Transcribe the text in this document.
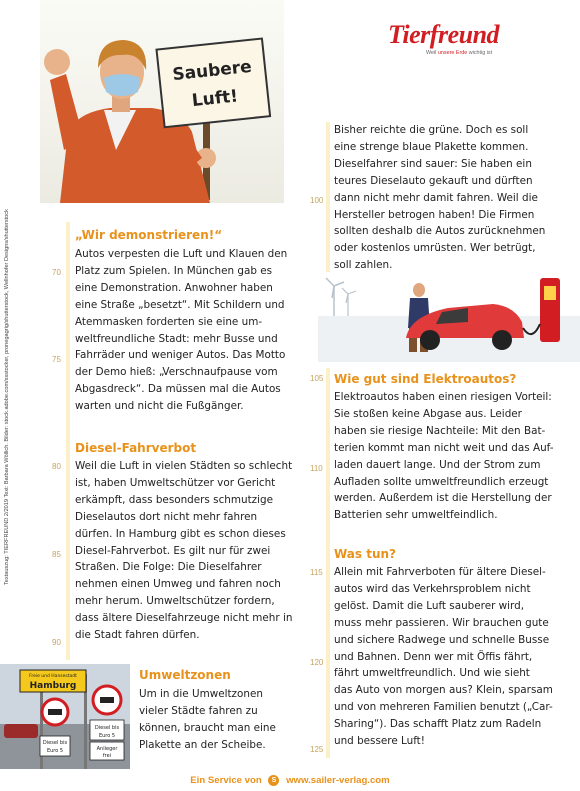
Saubere
Luft!
Tierfreund
Weil unsere Erde wichtig ist
Textauszug: TIERFREUND 2/2019 Text: Barbara Wöllich. Bilder: stock.adobe.com/ssstocker, pronegagrig/shutterstock, Wellnhofer Designs/shutterstock	70
75
80
85
90
100
105
110
115
120
125
„Wir demonstrieren!“

Autos verpesten die Luft und Klauen den

Platz zum Spielen. In München gab es

eine Demonstration. Anwohner haben

eine Straße „besetzt“. Mit Schildern und

Atemmasken forderten sie eine um-

weltfreundliche Stadt: mehr Busse und

Fahrräder und weniger Autos. Das Motto

der Demo hieß: „Verschnaufpause vom

Abgasdreck“. Da müssen mal die Autos

warten und nicht die Fußgänger.

Diesel-Fahrverbot

Weil die Luft in vielen Städten so schlecht

ist, haben Umweltschützer vor Gericht

erkämpft, dass besonders schmutzige

Dieselautos dort nicht mehr fahren

dürfen. In Hamburg gibt es schon dieses

Diesel-Fahrverbot. Es gilt nur für zwei

Straßen. Die Folge: Die Dieselfahrer

nehmen einen Umweg und fahren noch

mehr herum. Umweltschützer fordern,

dass ältere Dieselfahrzeuge nicht mehr in

die Stadt fahren dürfen.

Freie und Hansestadt
Hamburg
Diesel bis
Euro 5
Anlieger
frei
Diesel bis
Euro 5
Umweltzonen

Um in die Umweltzonen

vieler Städte fahren zu

können, braucht man eine

Plakette an der Scheibe.

Bisher reichte die grüne. Doch es soll

eine strenge blaue Plakette kommen.

Dieselfahrer sind sauer: Sie haben ein

teures Dieselauto gekauft und dürften

dann nicht mehr damit fahren. Weil die

Hersteller betrogen haben! Die Firmen

sollten deshalb die Autos zurücknehmen

oder kostenlos umrüsten. Wer betrügt,

soll zahlen.

Wie gut sind Elektroautos?

Elektroautos haben einen riesigen Vorteil:

Sie stoßen keine Abgase aus. Leider

haben sie riesige Nachteile: Mit den Bat-

terien kommt man nicht weit und das Auf-

laden dauert lange. Und der Strom zum

Aufladen sollte umweltfreundlich erzeugt

werden. Außerdem ist die Herstellung der

Batterien sehr umweltfeindlich.

Was tun?

Allein mit Fahrverboten für ältere Diesel-

autos wird das Verkehrsproblem nicht

gelöst. Damit die Luft sauberer wird,

muss mehr passieren. Wir brauchen gute

und sichere Radwege und schnelle Busse

und Bahnen. Denn wer mit Öffis fährt,

fährt umweltfreundlich. Und wie sieht

das Auto von morgen aus? Klein, sparsam

und von mehreren Familien benutzt („Car-

Sharing“). Das schafft Platz zum Radeln

und bessere Luft!

Ein Service von S www.sailer-verlag.com
